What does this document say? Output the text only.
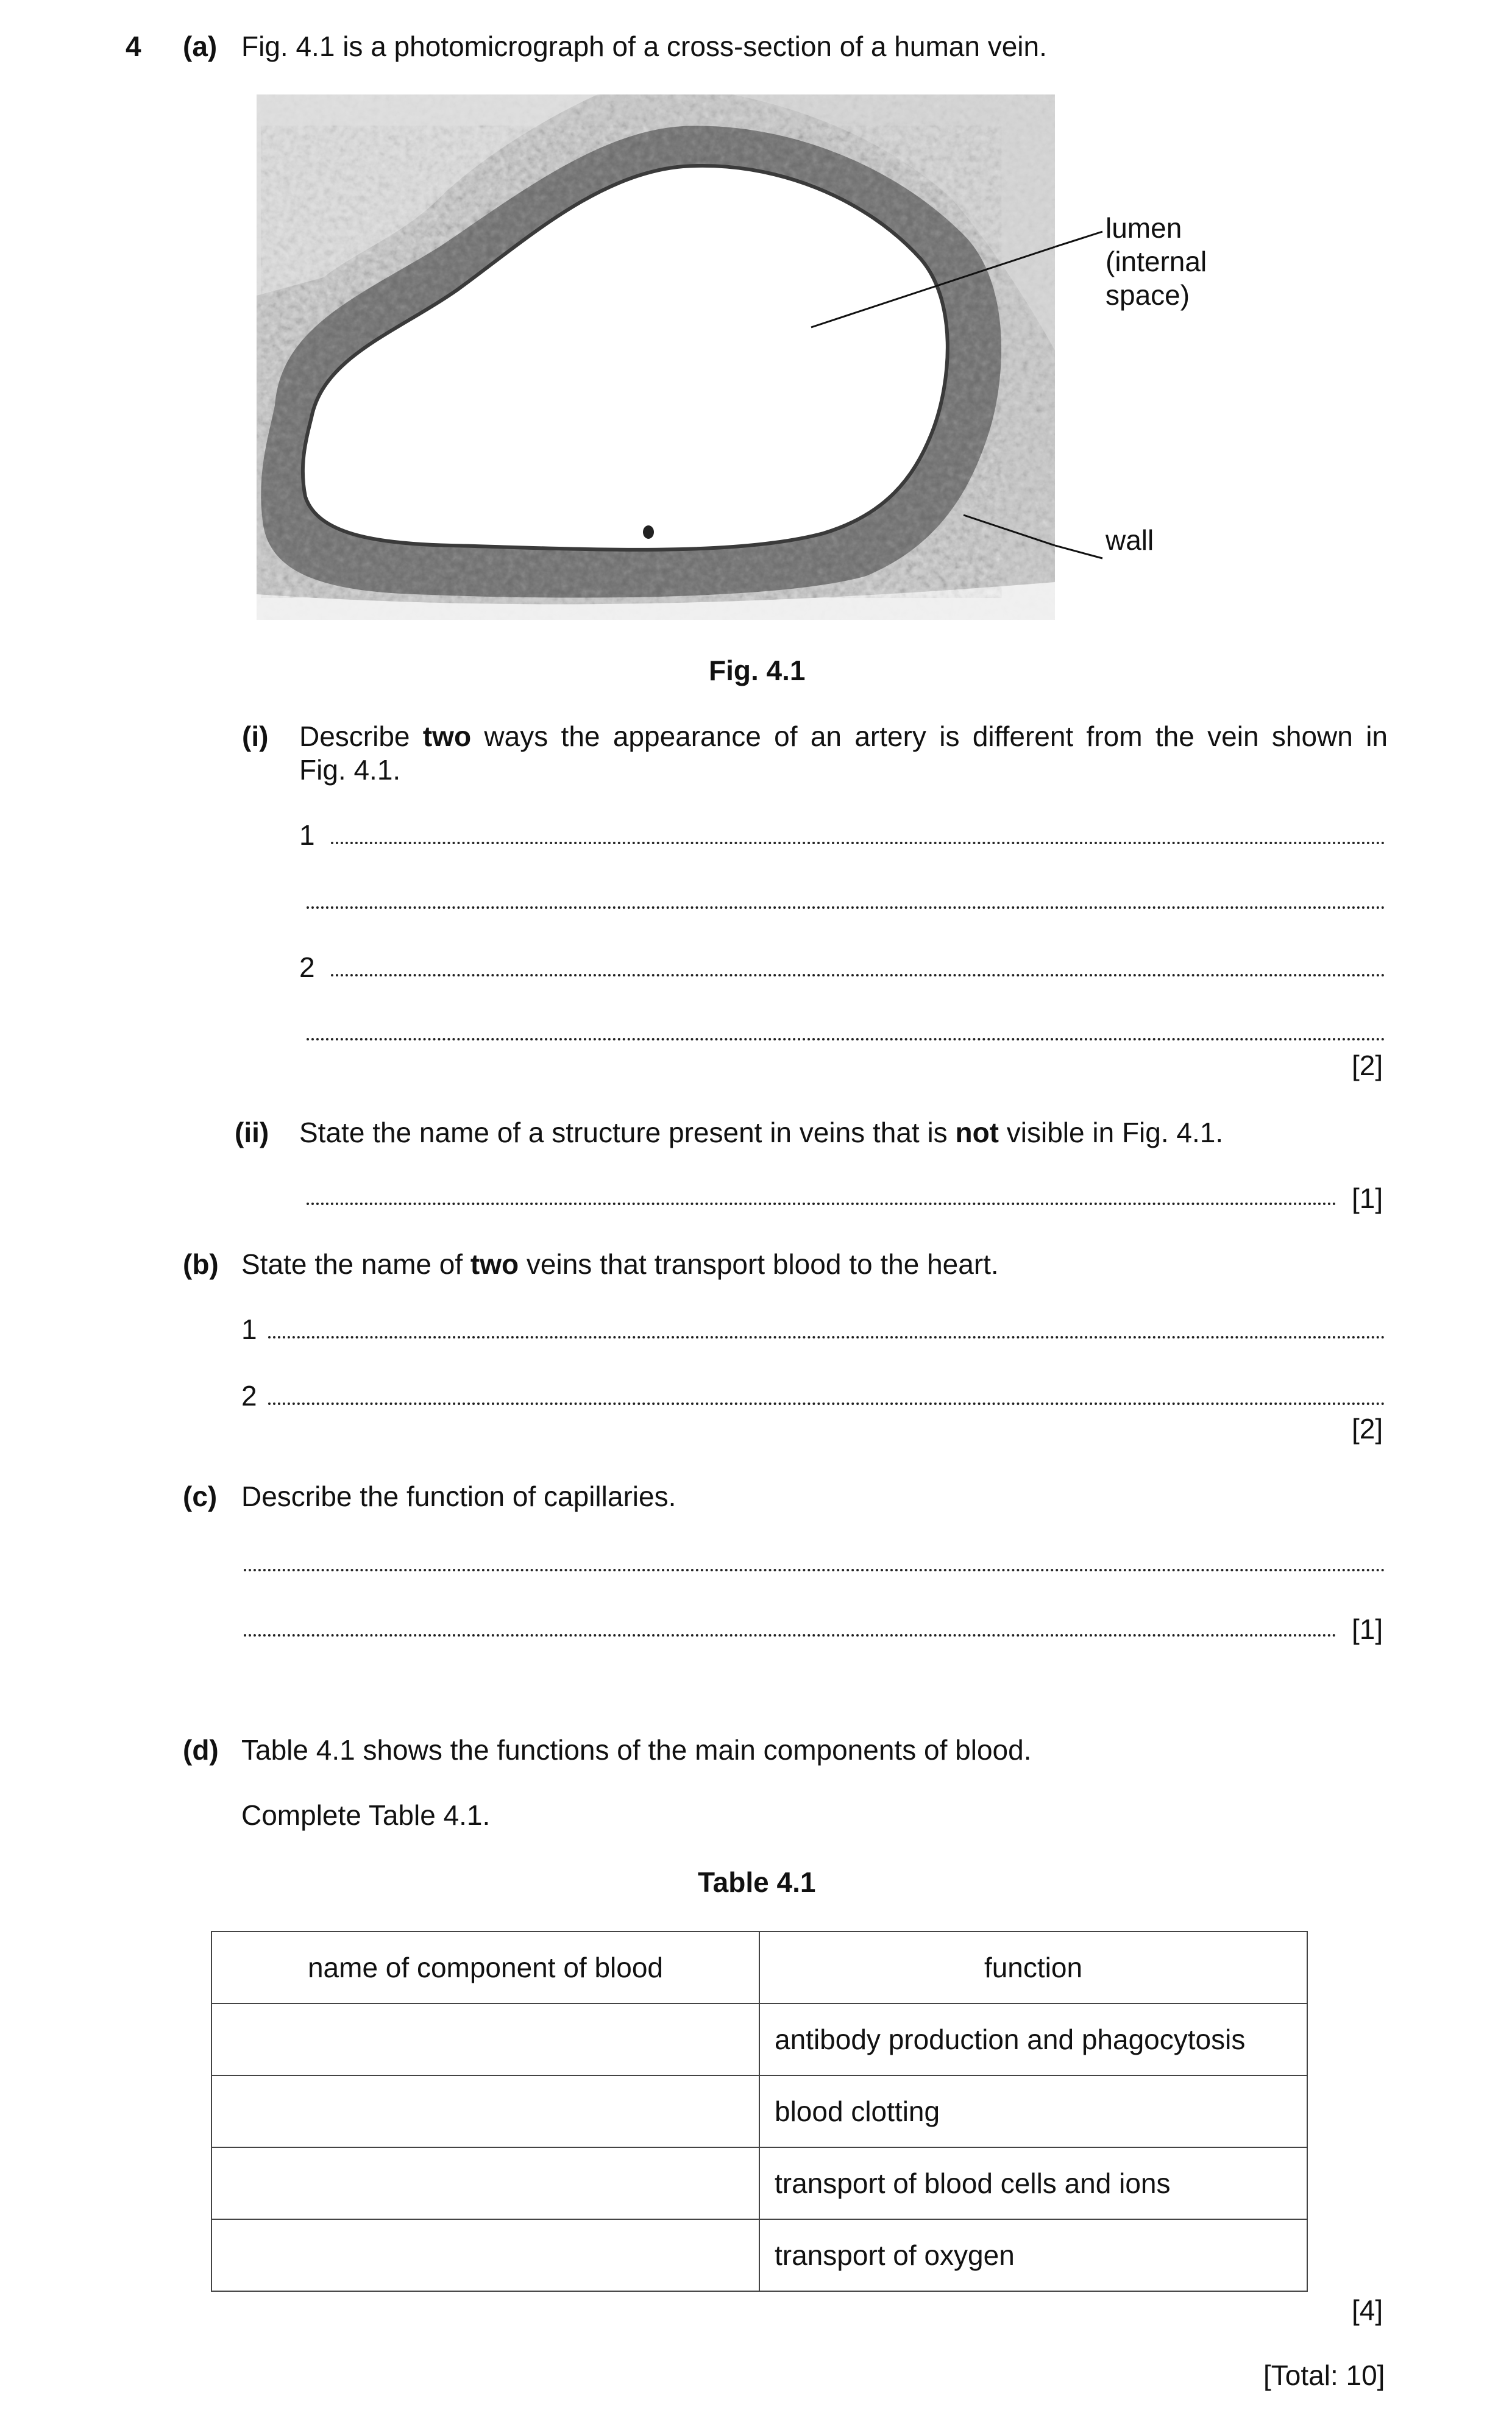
4 (a) Fig. 4.1 is a photomicrograph of a cross-section of a human vein.
lumen
(internal
space)
wall
Fig. 4.1
(i) Describe two ways the appearance of an artery is different from the vein shown in
Fig. 4.1.
1
2
[2]
(ii) State the name of a structure present in veins that is not visible in Fig. 4.1.
[1]
(b) State the name of two veins that transport blood to the heart.
1
2
[2]
(c) Describe the function of capillaries.
[1]
(d) Table 4.1 shows the functions of the main components of blood.
Complete Table 4.1.
Table 4.1
name of component of blood	function
	antibody production and phagocytosis
	blood clotting
	transport of blood cells and ions
	transport of oxygen
[4]
[Total: 10]
